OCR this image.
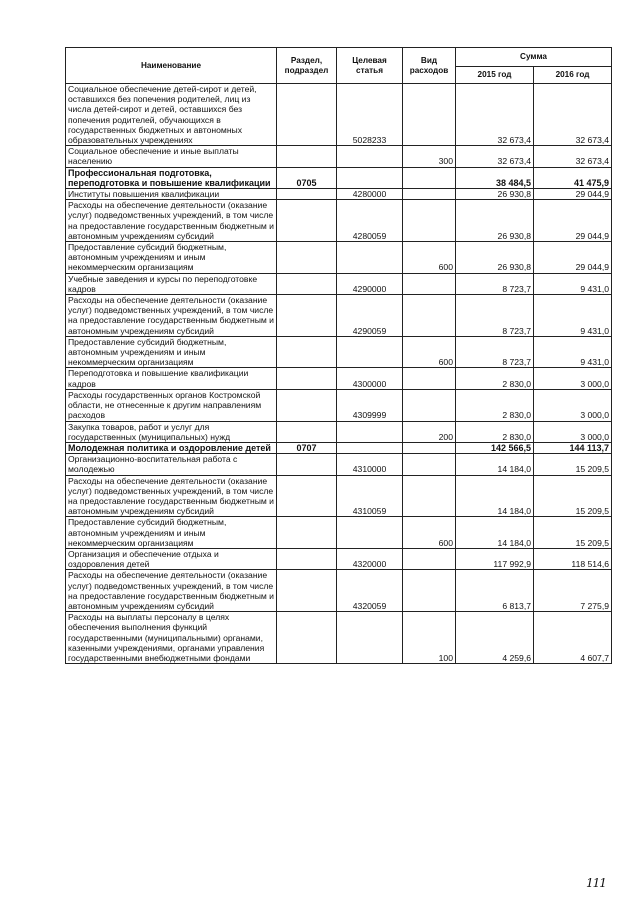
Наименование	Раздел, подраздел	Целевая статья	Вид расходов	Сумма	
				2015 год	2016 год
Социальное обеспечение детей-сирот и детей, оставшихся без попечения родителей, лиц из числа детей-сирот и детей, оставшихся без попечения родителей, обучающихся в государственных бюджетных и автономных образовательных учреждениях		5028233		32 673,4	32 673,4
Социальное обеспечение и иные выплаты населению			300	32 673,4	32 673,4
Профессиональная подготовка, переподготовка и повышение квалификации	0705			38 484,5	41 475,9
Институты повышения квалификации		4280000		26 930,8	29 044,9
Расходы на обеспечение деятельности (оказание услуг) подведомственных учреждений, в том числе на предоставление государственным бюджетным и автономным учреждениям субсидий		4280059		26 930,8	29 044,9
Предоставление субсидий бюджетным, автономным учреждениям и иным некоммерческим организациям			600	26 930,8	29 044,9
Учебные заведения и курсы по переподготовке кадров		4290000		8 723,7	9 431,0
Расходы на обеспечение деятельности (оказание услуг) подведомственных учреждений, в том числе на предоставление государственным бюджетным и автономным учреждениям субсидий		4290059		8 723,7	9 431,0
Предоставление субсидий бюджетным, автономным учреждениям и иным некоммерческим организациям			600	8 723,7	9 431,0
Переподготовка и повышение квалификации кадров		4300000		2 830,0	3 000,0
Расходы государственных органов Костромской области, не отнесенные к другим направлениям расходов		4309999		2 830,0	3 000,0
Закупка товаров, работ и услуг для государственных (муниципальных) нужд			200	2 830,0	3 000,0
Молодежная политика и оздоровление детей	0707			142 566,5	144 113,7
Организационно-воспитательная работа с молодежью		4310000		14 184,0	15 209,5
Расходы на обеспечение деятельности (оказание услуг) подведомственных учреждений, в том числе на предоставление государственным бюджетным и автономным учреждениям субсидий		4310059		14 184,0	15 209,5
Предоставление субсидий бюджетным, автономным учреждениям и иным некоммерческим организациям			600	14 184,0	15 209,5
Организация и обеспечение отдыха и оздоровления детей		4320000		117 992,9	118 514,6
Расходы на обеспечение деятельности (оказание услуг) подведомственных учреждений, в том числе на предоставление государственным бюджетным и автономным учреждениям субсидий		4320059		6 813,7	7 275,9
Расходы на выплаты персоналу в целях обеспечения выполнения функций государственными (муниципальными) органами, казенными учреждениями, органами управления государственными внебюджетными фондами			100	4 259,6	4 607,7
111
